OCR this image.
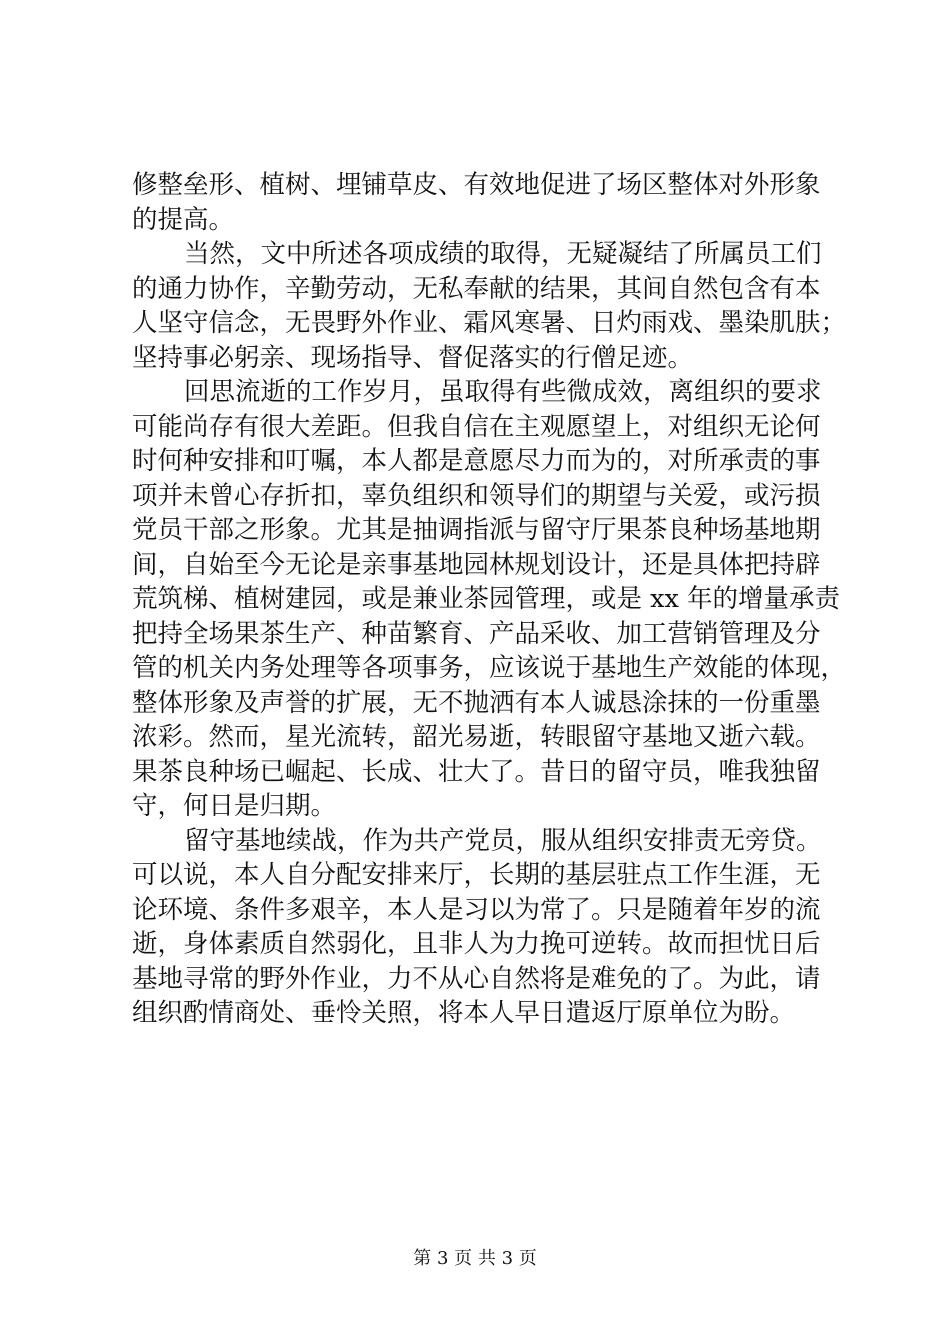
修整垒形、植树、埋铺草皮、有效地促进了场区整体对外形象
的提高。
当然，文中所述各项成绩的取得，无疑凝结了所属员工们
的通力协作，辛勤劳动，无私奉献的结果，其间自然包含有本
人坚守信念，无畏野外作业、霜风寒暑、日灼雨戏、墨染肌肤；
坚持事必躬亲、现场指导、督促落实的行僧足迹。
回思流逝的工作岁月，虽取得有些微成效，离组织的要求
可能尚存有很大差距。但我自信在主观愿望上，对组织无论何
时何种安排和叮嘱，本人都是意愿尽力而为的，对所承责的事
项并未曾心存折扣，辜负组织和领导们的期望与关爱，或污损
党员干部之形象。尤其是抽调指派与留守厅果茶良种场基地期
间，自始至今无论是亲事基地园林规划设计，还是具体把持辟
荒筑梯、植树建园，或是兼业茶园管理，或是 xx 年的增量承责
把持全场果茶生产、种苗繁育、产品采收、加工营销管理及分
管的机关内务处理等各项事务，应该说于基地生产效能的体现，
整体形象及声誉的扩展，无不抛洒有本人诚恳涂抹的一份重墨
浓彩。然而，星光流转，韶光易逝，转眼留守基地又逝六载。
果茶良种场已崛起、长成、壮大了。昔日的留守员，唯我独留
守，何日是归期。
留守基地续战，作为共产党员，服从组织安排责无旁贷。
可以说，本人自分配安排来厅，长期的基层驻点工作生涯，无
论环境、条件多艰辛，本人是习以为常了。只是随着年岁的流
逝，身体素质自然弱化，且非人为力挽可逆转。故而担忧日后
基地寻常的野外作业，力不从心自然将是难免的了。为此，请
组织酌情商处、垂怜关照，将本人早日遣返厅原单位为盼。
第 3 页 共 3 页
